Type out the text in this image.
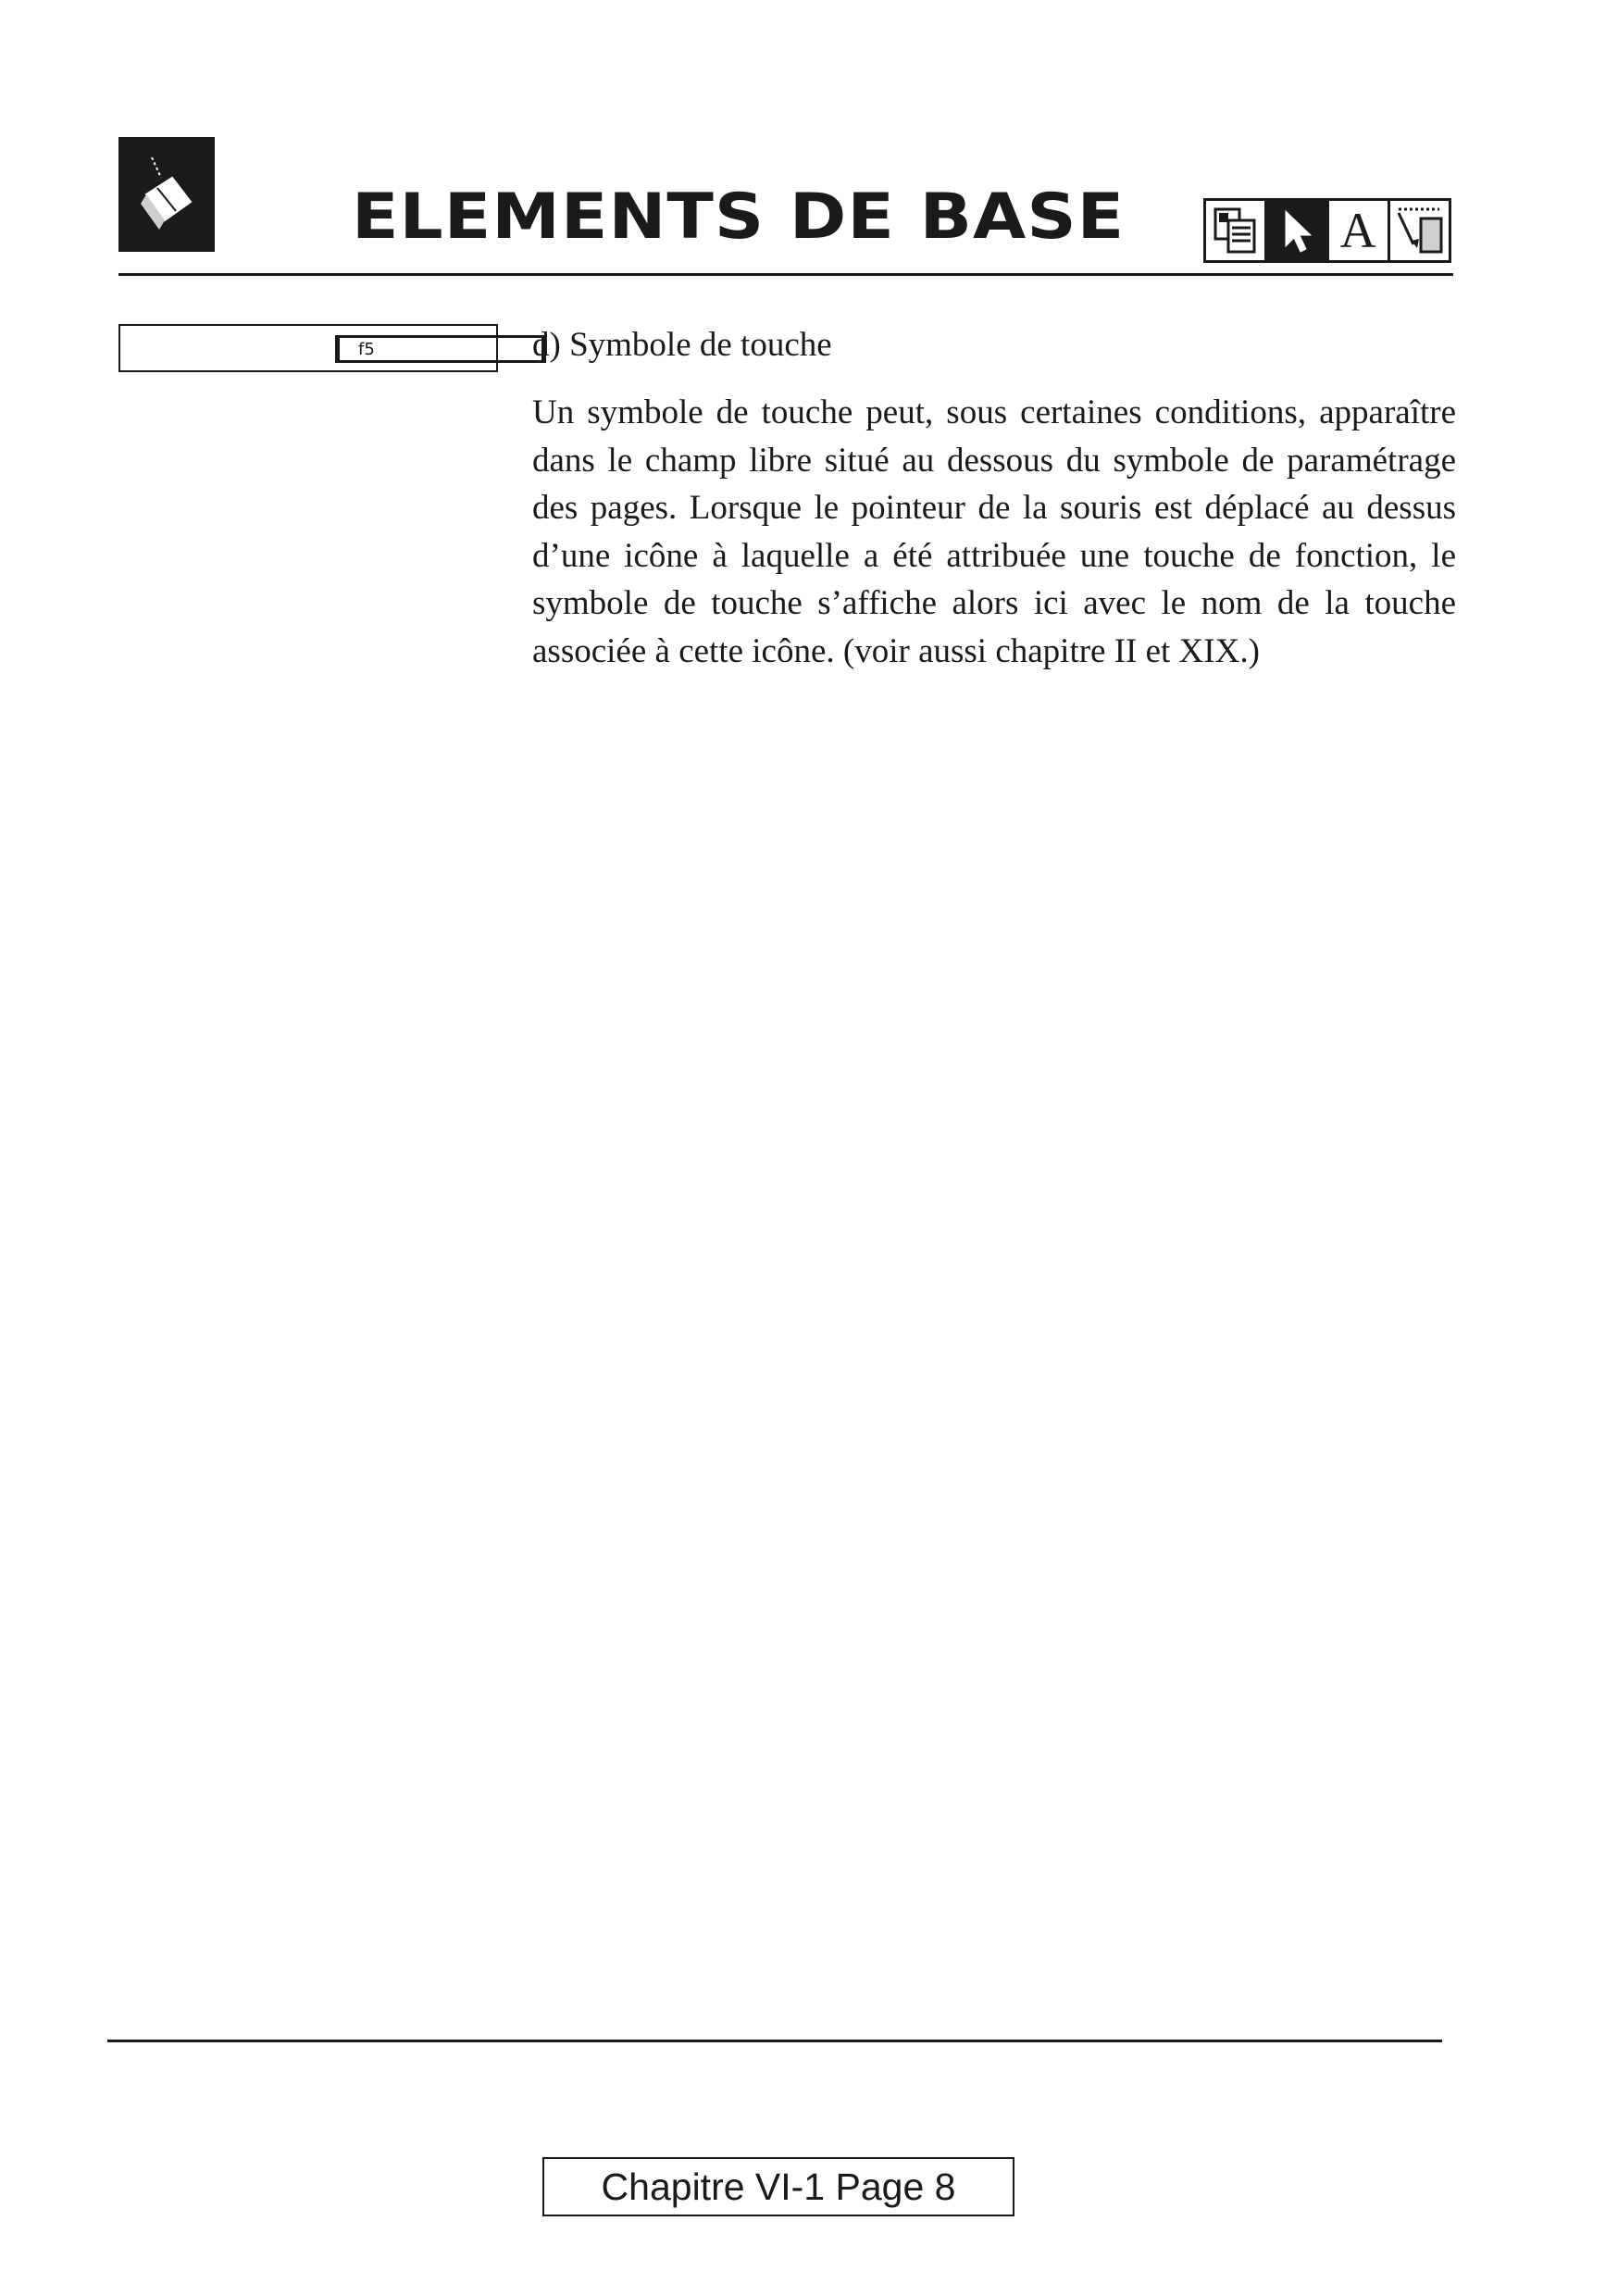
ELEMENTS DE BASE	A
f5	d) Symbole de touche
Un symbole de touche peut, sous certaines conditions, apparaître dans le champ libre situé au dessous du symbole de paramétrage des pages. Lorsque le pointeur de la souris est déplacé au dessus d’une icône à laquelle a été attribuée une touche de fonction, le symbole de touche s’affiche alors ici avec le nom de la touche associée à cette icône. (voir aussi chapitre II et XIX.)
Chapitre VI-1 Page 8
